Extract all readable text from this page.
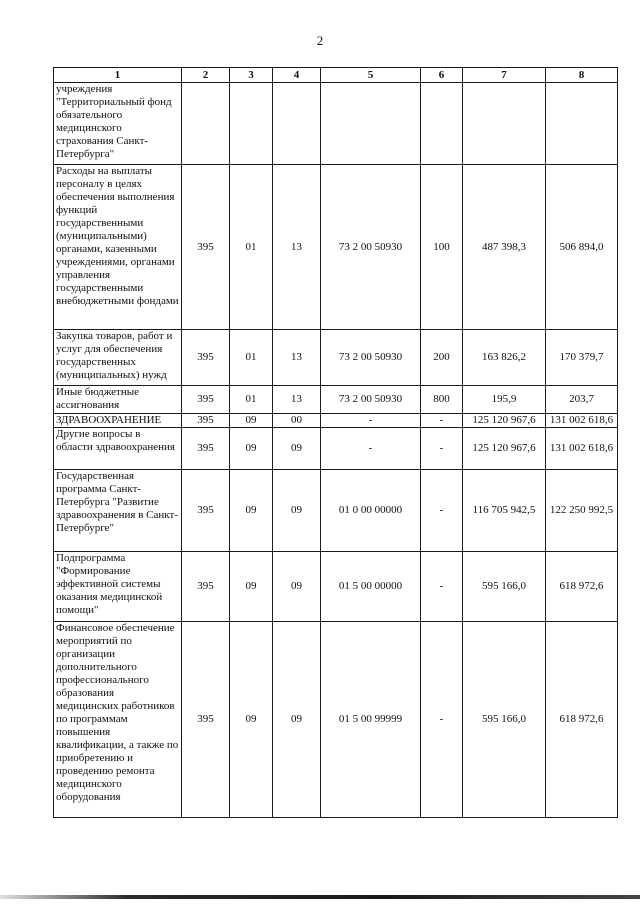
2
1	2	3	4	5	6	7	8
учреждения "Территориальный фонд обязательного медицинского страхования Санкт-Петербурга"							
Расходы на выплаты персоналу в целях обеспечения выполнения функций государственными (муниципальными) органами, казенными учреждениями, органами управления государственными внебюджетными фондами	395	01	13	73 2 00 50930	100	487 398,3	506 894,0
Закупка товаров, работ и услуг для обеспечения государственных (муниципальных) нужд	395	01	13	73 2 00 50930	200	163 826,2	170 379,7
Иные бюджетные ассигнования	395	01	13	73 2 00 50930	800	195,9	203,7
ЗДРАВООХРАНЕНИЕ	395	09	00	-	-	125 120 967,6	131 002 618,6
Другие вопросы в области здравоохранения	395	09	09	-	-	125 120 967,6	131 002 618,6
Государственная программа Санкт-Петербурга "Развитие здравоохранения в Санкт-Петербурге"	395	09	09	01 0 00 00000	-	116 705 942,5	122 250 992,5
Подпрограмма "Формирование эффективной системы оказания медицинской помощи"	395	09	09	01 5 00 00000	-	595 166,0	618 972,6
Финансовое обеспечение мероприятий по организации дополнительного профессионального образования медицинских работников по программам повышения квалификации, а также по приобретению и проведению ремонта медицинского оборудования	395	09	09	01 5 00 99999	-	595 166,0	618 972,6
